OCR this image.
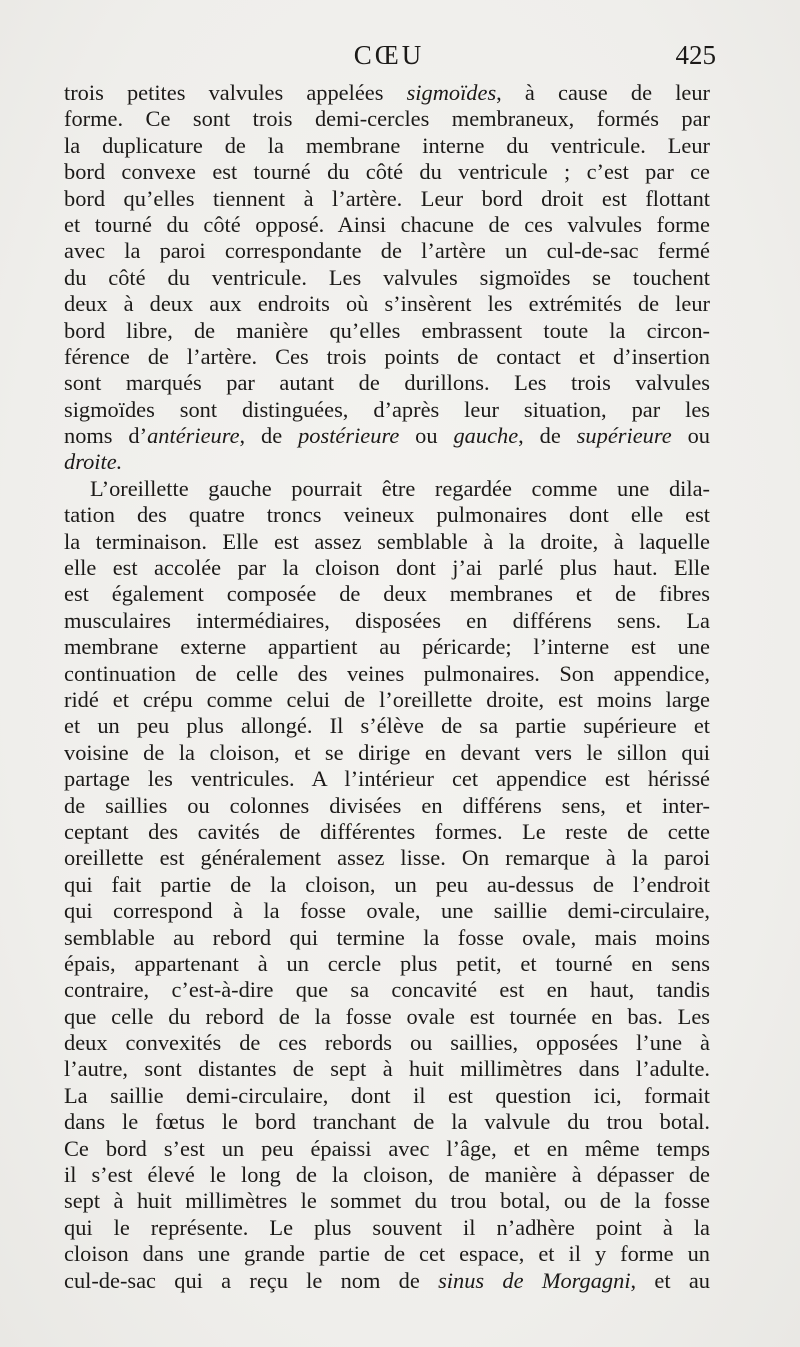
CŒU	425
trois petites valvules appelées sigmoïdes, à cause de leur
forme. Ce sont trois demi-cercles membraneux, formés par
la duplicature de la membrane interne du ventricule. Leur
bord convexe est tourné du côté du ventricule ; c’est par ce
bord qu’elles tiennent à l’artère. Leur bord droit est flottant
et tourné du côté opposé. Ainsi chacune de ces valvules forme
avec la paroi correspondante de l’artère un cul-de-sac fermé
du côté du ventricule. Les valvules sigmoïdes se touchent
deux à deux aux endroits où s’insèrent les extrémités de leur
bord libre, de manière qu’elles embrassent toute la circon-
férence de l’artère. Ces trois points de contact et d’insertion
sont marqués par autant de durillons. Les trois valvules
sigmoïdes sont distinguées, d’après leur situation, par les
noms d’antérieure, de postérieure ou gauche, de supérieure ou
droite.
L’oreillette gauche pourrait être regardée comme une dila-
tation des quatre troncs veineux pulmonaires dont elle est
la terminaison. Elle est assez semblable à la droite, à laquelle
elle est accolée par la cloison dont j’ai parlé plus haut. Elle
est également composée de deux membranes et de fibres
musculaires intermédiaires, disposées en différens sens. La
membrane externe appartient au péricarde; l’interne est une
continuation de celle des veines pulmonaires. Son appendice,
ridé et crépu comme celui de l’oreillette droite, est moins large
et un peu plus allongé. Il s’élève de sa partie supérieure et
voisine de la cloison, et se dirige en devant vers le sillon qui
partage les ventricules. A l’intérieur cet appendice est hérissé
de saillies ou colonnes divisées en différens sens, et inter-
ceptant des cavités de différentes formes. Le reste de cette
oreillette est généralement assez lisse. On remarque à la paroi
qui fait partie de la cloison, un peu au-dessus de l’endroit
qui correspond à la fosse ovale, une saillie demi-circulaire,
semblable au rebord qui termine la fosse ovale, mais moins
épais, appartenant à un cercle plus petit, et tourné en sens
contraire, c’est-à-dire que sa concavité est en haut, tandis
que celle du rebord de la fosse ovale est tournée en bas. Les
deux convexités de ces rebords ou saillies, opposées l’une à
l’autre, sont distantes de sept à huit millimètres dans l’adulte.
La saillie demi-circulaire, dont il est question ici, formait
dans le fœtus le bord tranchant de la valvule du trou botal.
Ce bord s’est un peu épaissi avec l’âge, et en même temps
il s’est élevé le long de la cloison, de manière à dépasser de
sept à huit millimètres le sommet du trou botal, ou de la fosse
qui le représente. Le plus souvent il n’adhère point à la
cloison dans une grande partie de cet espace, et il y forme un
cul-de-sac qui a reçu le nom de sinus de Morgagni, et au
